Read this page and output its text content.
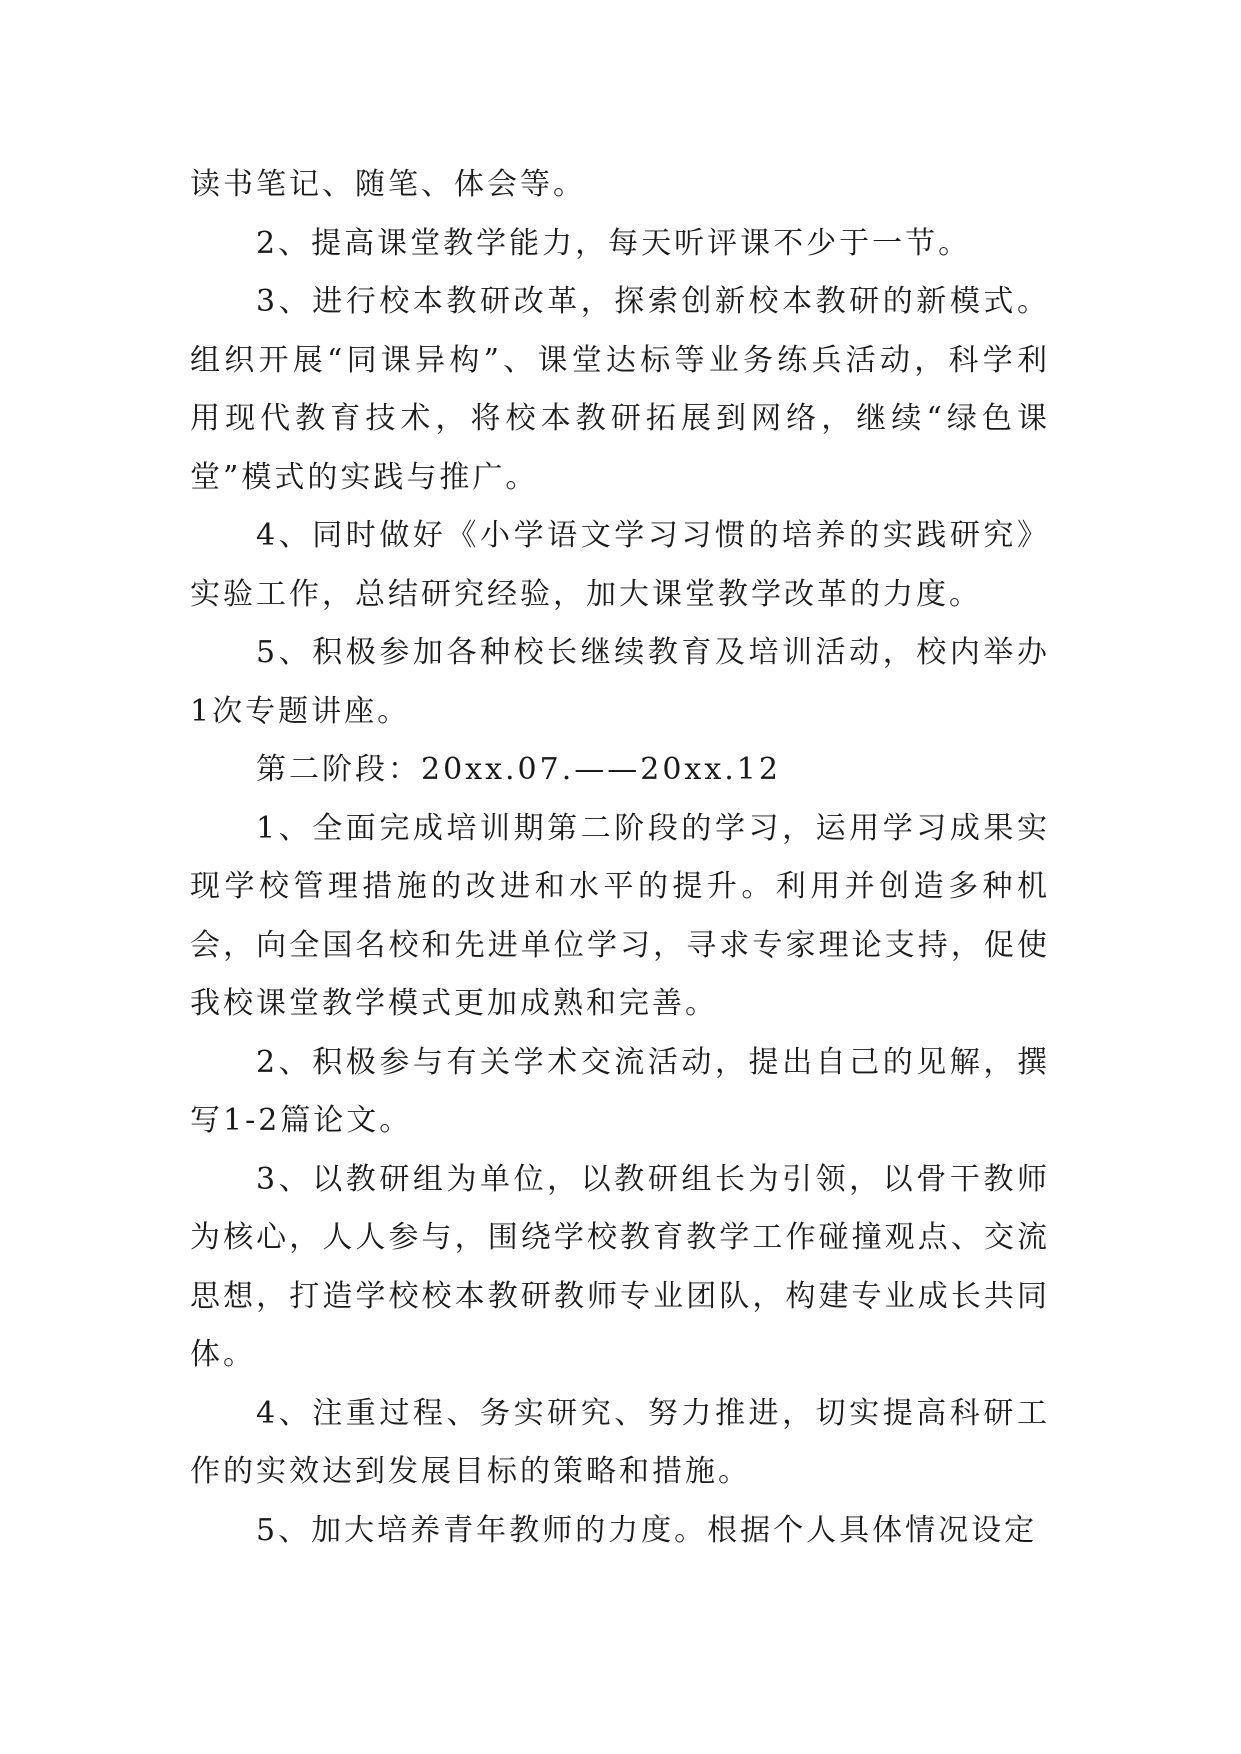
读书笔记、随笔、体会等。

2、提高课堂教学能力，每天听评课不少于一节。

3、进行校本教研改革，探索创新校本教研的新模式。组织开展“同课异构”、课堂达标等业务练兵活动，科学利用现代教育技术，将校本教研拓展到网络，继续“绿色课堂”模式的实践与推广。

4、同时做好《小学语文学习习惯的培养的实践研究》实验工作，总结研究经验，加大课堂教学改革的力度。

5、积极参加各种校长继续教育及培训活动，校内举办1次专题讲座。

第二阶段：20xx.07.——20xx.12

1、全面完成培训期第二阶段的学习，运用学习成果实现学校管理措施的改进和水平的提升。利用并创造多种机会，向全国名校和先进单位学习，寻求专家理论支持，促使我校课堂教学模式更加成熟和完善。

2、积极参与有关学术交流活动，提出自己的见解，撰写1-2篇论文。

3、以教研组为单位，以教研组长为引领，以骨干教师为核心，人人参与，围绕学校教育教学工作碰撞观点、交流思想，打造学校校本教研教师专业团队，构建专业成长共同体。

4、注重过程、务实研究、努力推进，切实提高科研工作的实效达到发展目标的策略和措施。

5、加大培养青年教师的力度。根据个人具体情况设定
